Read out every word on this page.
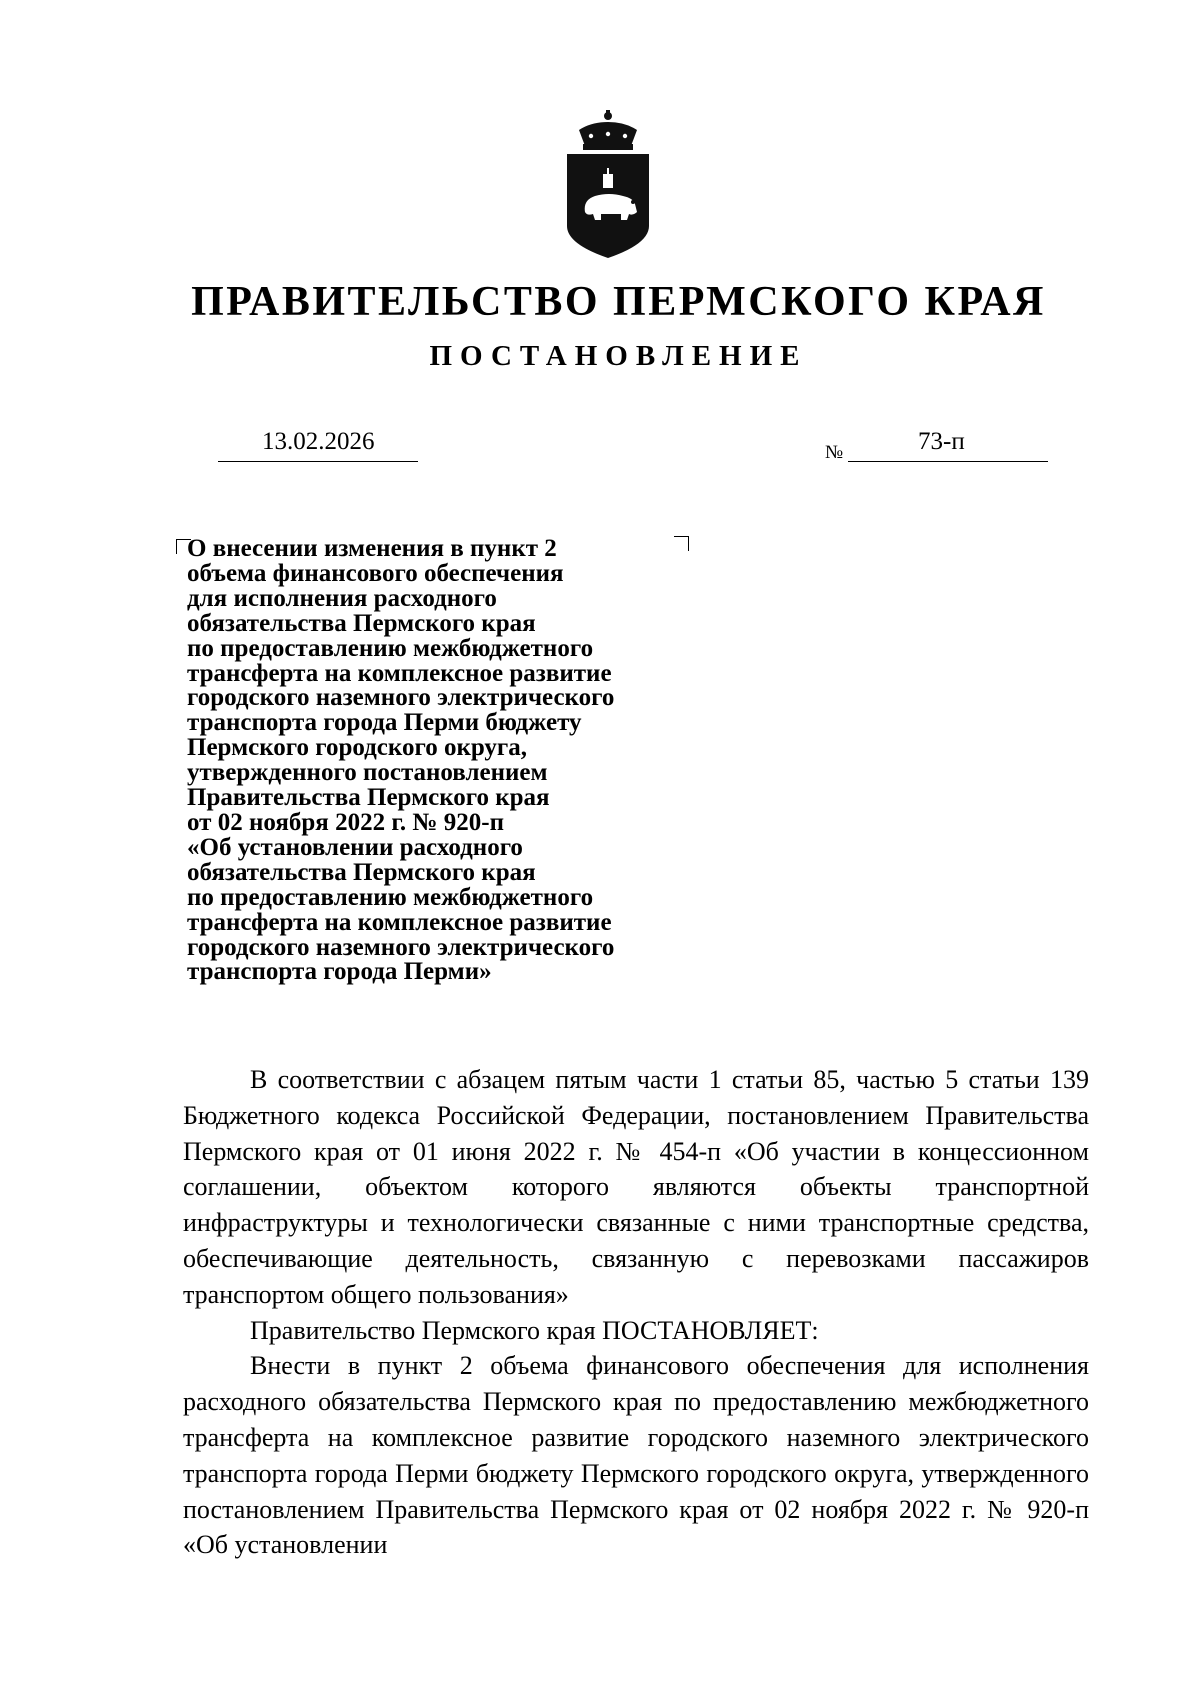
ПРАВИТЕЛЬСТВО ПЕРМСКОГО КРАЯ
ПОСТАНОВЛЕНИЕ
13.02.2026	№	73-п
О внесении изменения в пункт 2
объема финансового обеспечения
для исполнения расходного
обязательства Пермского края
по предоставлению межбюджетного
трансферта на комплексное развитие
городского наземного электрического
транспорта города Перми бюджету
Пермского городского округа,
утвержденного постановлением
Правительства Пермского края
от 02 ноября 2022 г. № 920-п
«Об установлении расходного
обязательства Пермского края
по предоставлению межбюджетного
трансферта на комплексное развитие
городского наземного электрического
транспорта города Перми»

В соответствии с абзацем пятым части 1 статьи 85, частью 5 статьи 139 Бюджетного кодекса Российской Федерации, постановлением Правительства Пермского края от 01 июня 2022 г. № 454-п «Об участии в концессионном соглашении, объектом которого являются объекты транспортной инфраструктуры и технологически связанные с ними транспортные средства, обеспечивающие деятельность, связанную с перевозками пассажиров транспортом общего пользования»

Правительство Пермского края ПОСТАНОВЛЯЕТ:

Внести в пункт 2 объема финансового обеспечения для исполнения расходного обязательства Пермского края по предоставлению межбюджетного трансферта на комплексное развитие городского наземного электрического транспорта города Перми бюджету Пермского городского округа, утвержденного постановлением Правительства Пермского края от 02 ноября 2022 г. № 920-п «Об установлении
